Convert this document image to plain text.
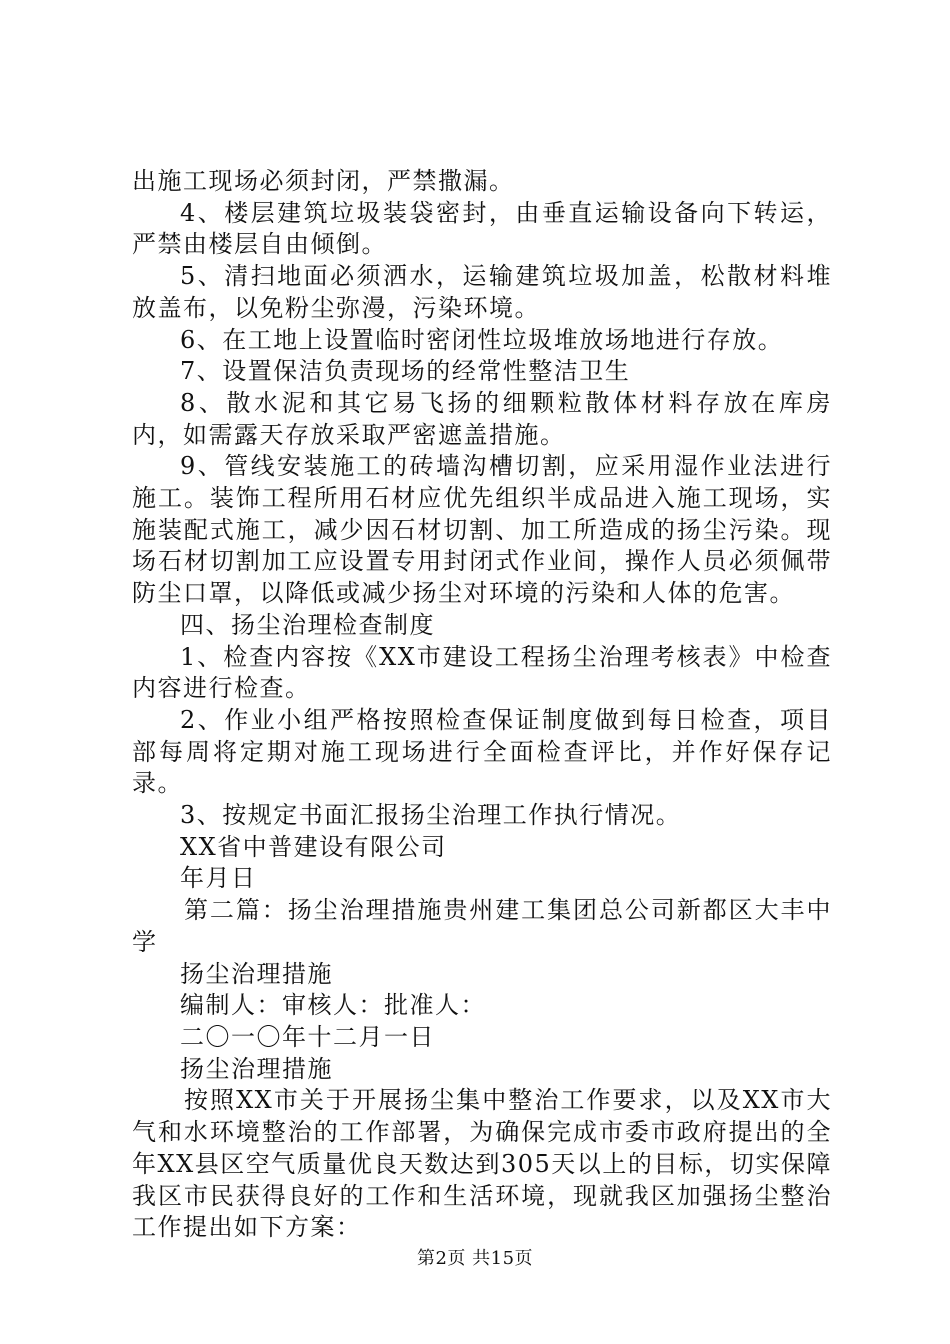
出施工现场必须封闭，严禁撒漏。

4、楼层建筑垃圾装袋密封，由垂直运输设备向下转运，严禁由楼层自由倾倒。

5、清扫地面必须洒水，运输建筑垃圾加盖，松散材料堆放盖布，以免粉尘弥漫，污染环境。

6、在工地上设置临时密闭性垃圾堆放场地进行存放。

7、设置保洁负责现场的经常性整洁卫生

8、散水泥和其它易飞扬的细颗粒散体材料存放在库房内，如需露天存放采取严密遮盖措施。

9、管线安装施工的砖墙沟槽切割，应采用湿作业法进行施工。装饰工程所用石材应优先组织半成品进入施工现场，实施装配式施工，减少因石材切割、加工所造成的扬尘污染。现场石材切割加工应设置专用封闭式作业间，操作人员必须佩带防尘口罩，以降低或减少扬尘对环境的污染和人体的危害。

四、扬尘治理检查制度

1、检查内容按《XX市建设工程扬尘治理考核表》中检查内容进行检查。

2、作业小组严格按照检查保证制度做到每日检查，项目部每周将定期对施工现场进行全面检查评比，并作好保存记录。

3、按规定书面汇报扬尘治理工作执行情况。

XX省中普建设有限公司

年月日

第二篇：扬尘治理措施贵州建工集团总公司新都区大丰中学

扬尘治理措施

编制人：审核人：批准人：

二〇一〇年十二月一日

扬尘治理措施

按照XX市关于开展扬尘集中整治工作要求，以及XX市大气和水环境整治的工作部署，为确保完成市委市政府提出的全年XX县区空气质量优良天数达到305天以上的目标，切实保障我区市民获得良好的工作和生活环境，现就我区加强扬尘整治工作提出如下方案：

第2页 共15页
